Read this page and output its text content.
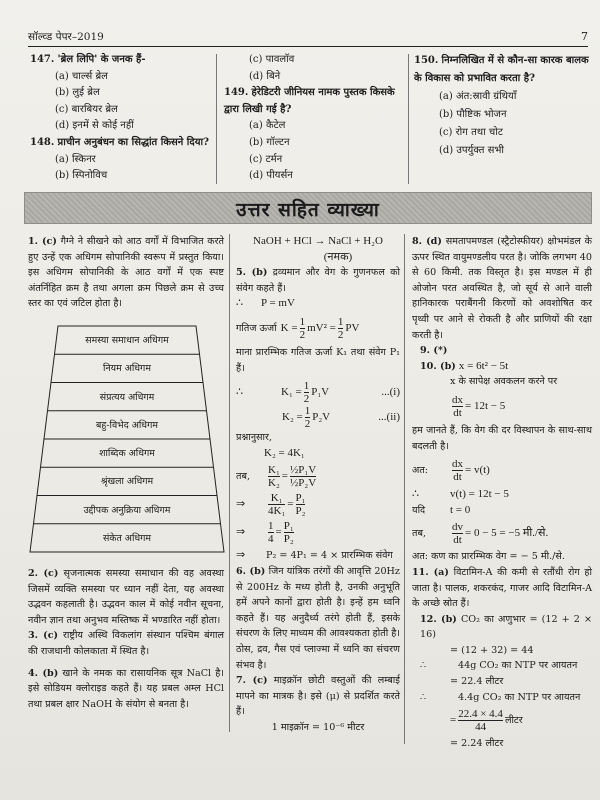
सॉल्व्ड पेपर–2019	7
147. 'ब्रेल लिपि' के जनक हैं-
(a) चार्ल्स ब्रेल
(b) लुई ब्रेल
(c) बारबियर ब्रेल
(d) इनमें से कोई नहीं
148. प्राचीन अनुबंधन का सिद्धांत किसने दिया?
(a) स्किनर
(b) स्पिनोविच
(c) पावलॉव
(d) बिने
149. हेरेडिटरी जीनियस नामक पुस्तक किसके द्वारा लिखी गई है?
(a) कैटेल
(b) गॉल्टन
(c) टर्मन
(d) पीयर्सन
150. निम्नलिखित में से कौन-सा कारक बालक के विकास को प्रभावित करता है?
(a) अंत:स्रावी ग्रंथियाँ
(b) पौष्टिक भोजन
(c) रोग तथा चोट
(d) उपर्युक्त सभी
उत्तर सहित व्याख्या
1. (c) गैग्ने ने सीखने को आठ वर्गों में विभाजित करते हुए उन्हें एक अधिगम सोपानिकी स्वरूप में प्रस्तुत किया। इस अधिगम सोपानिकी के आठ वर्गों में एक स्पष्ट अंतर्निहित क्रम है तथा अगला क्रम पिछले क्रम से उच्च स्तर का एवं जटिल होता है।
समस्या समाधान अधिगम
नियम अधिगम
संप्रत्यय अधिगम
बहु-विभेद अधिगम
शाब्दिक अधिगम
श्रृंखला अधिगम
उद्दीपक अनुक्रिया अधिगम
संकेत अधिगम
2. (c) सृजनात्मक समस्या समाधान की वह अवस्था जिसमें व्यक्ति समस्या पर ध्यान नहीं देता, यह अवस्था उद्भवन कहलाती है। उद्भवन काल में कोई नवीन सूचना, नवीन ज्ञान तथा अनुभव मस्तिष्क में भण्डारित नहीं होता।
3. (c) राष्ट्रीय अस्थि विकलांग संस्थान पश्चिम बंगाल की राजधानी कोलकाता में स्थित है।
4. (b) खाने के नमक का रासायनिक सूत्र NaCl है। इसे सोडियम क्लोराइड कहते हैं। यह प्रबल अम्ल HCl तथा प्रबल क्षार NaOH के संयोग से बनता है।
NaOH + HCl → NaCl + H₂O
(नमक)
5. (b) द्रव्यमान और वेग के गुणनफल को संवेग कहते हैं।
∴	P = mV
गतिज ऊर्जा $K = \frac{1}{2} mV^2 = \frac{1}{2}$ PV
माना प्रारम्भिक गतिज ऊर्जा K₁ तथा संवेग P₁ हैं।
∴	$K_1 = \frac{1}{2} P_1V$	...(i)
$K_2 = \frac{1}{2} P_2V$	...(ii)
प्रश्नानुसार,
K₂ = 4K₁
तब,	$\frac{\text{K₁}}{\text{K₂}} = \frac{\text{½P₁V}}{\text{½P₂V}}$
⇒	$\frac{\text{K₁}}{\text{4K₁}} = \frac{\text{P₁}}{\text{P₂}}$
⇒	$\frac{1}{4} = \frac{\text{P₁}}{\text{P₂}}$
⇒	P₂ = 4P₁ = 4 × प्रारम्भिक संवेग
6. (b) जिन यांत्रिक तरंगों की आवृत्ति 20Hz से 200Hz के मध्य होती है, उनकी अनुभूति हमें अपने कानों द्वारा होती है। इन्हें हम ध्वनि कहते हैं। यह अनुदैर्ध्य तरंगे होती हैं, इसके संचरण के लिए माध्यम की आवश्यकता होती है। ठोस, द्रव, गैस एवं प्लाज्मा में ध्वनि का संचरण संभव है।
7. (c) माइक्रॉन छोटी वस्तुओं की लम्बाई मापने का मात्रक है। इसे (μ) से प्रदर्शित करते हैं।
1 माइक्रॉन = 10⁻⁶ मीटर
8. (d) समतापमण्डल (स्ट्रैटोस्फीयर) क्षोभमंडल के ऊपर स्थित वायुमण्डलीय परत है। जोकि लगभग 40 से 60 किमी. तक विस्तृत है। इस मण्डल में ही ओजोन परत अवस्थित है, जो सूर्य से आने वाली हानिकारक पराबैंगनी किरणों को अवशोषित कर पृथ्वी पर आने से रोकती है और प्राणियों की रक्षा करती है।
9. (*)
10. (b) x = 6t² − 5t
x के सापेक्ष अवकलन करने पर
$\frac{dx}{dt} = 12t - 5$
हम जानते हैं, कि वेग की दर विस्थापन के साथ-साथ बदलती है।
अत:	$\frac{dx}{dt} = v(t)$
∴	v(t) = 12t − 5
यदि	t = 0
तब,	$\frac{dv}{dt} = 0 - 5 = -5$ मी./से.
अत: कण का प्रारम्भिक वेग = − 5 मी./से.
11. (a) विटामिन-A की कमी से रतौंधी रोग हो जाता है। पालक, शकरकंद, गाजर आदि विटामिन-A के अच्छे स्रोत हैं।
12. (b) CO₂ का अणुभार = (12 + 2 × 16)
= (12 + 32) = 44
∴	44g CO₂ का NTP पर आयतन
= 22.4 लीटर
∴	4.4g CO₂ का NTP पर आयतन
= $\frac{22.4 \times 4.4}{44}$ लीटर
= 2.24 लीटर
